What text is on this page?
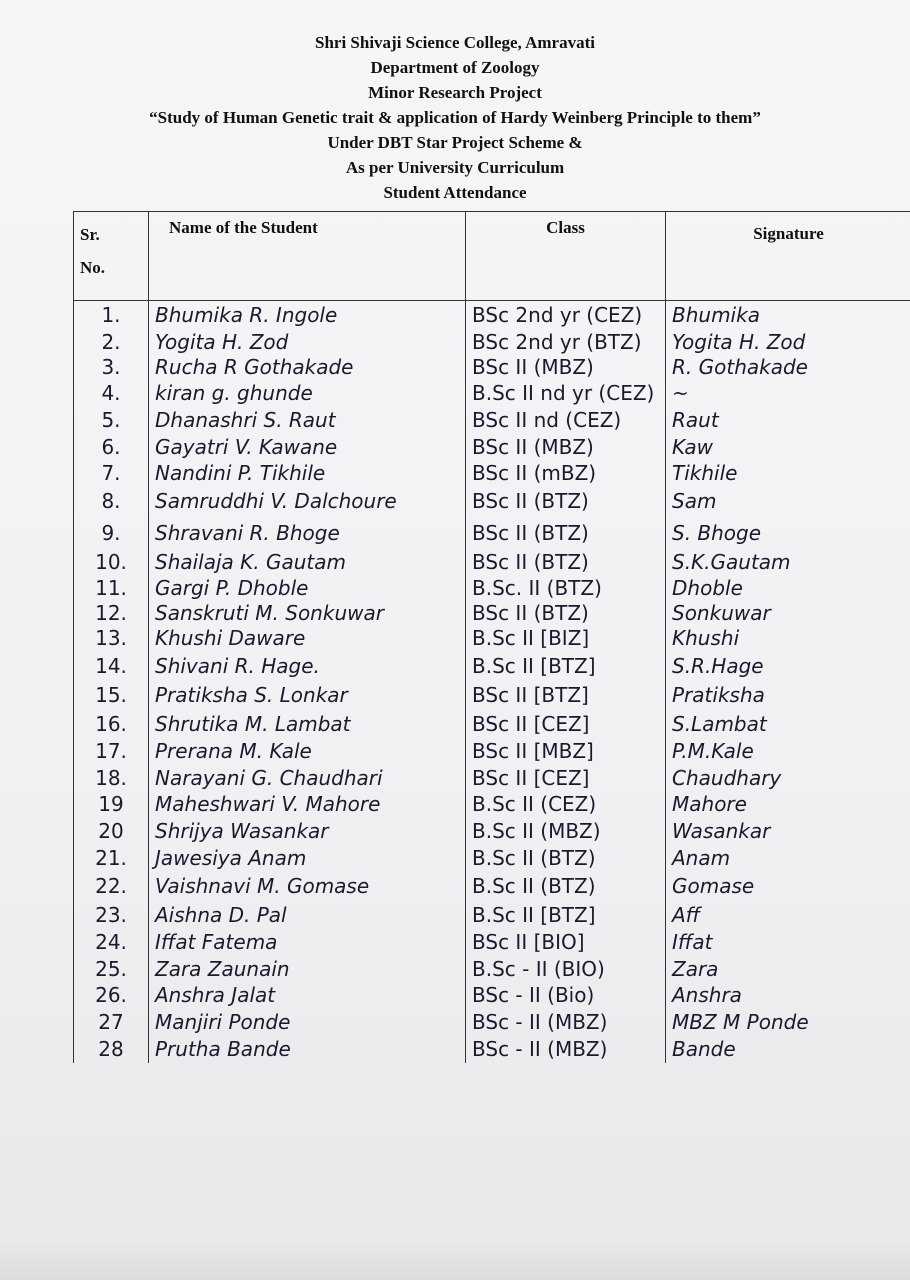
Shri Shivaji Science College, Amravati
Department of Zoology
Minor Research Project
“Study of Human Genetic trait & application of Hardy Weinberg Principle to them”
Under DBT Star Project Scheme &
As per University Curriculum
Student Attendance
Sr.
No.	Name of the Student	Class	Signature
1.	Bhumika R. Ingole	BSc 2nd yr (CEZ)	Bhumika
2.	Yogita H. Zod	BSc 2nd yr (BTZ)	Yogita H. Zod
3.	Rucha R Gothakade	BSc II (MBZ)	R. Gothakade
4.	kiran g. ghunde	B.Sc II nd yr (CEZ)	~
5.	Dhanashri S. Raut	BSc II nd (CEZ)	Raut
6.	Gayatri V. Kawane	BSc II (MBZ)	Kaw
7.	Nandini P. Tikhile	BSc II (mBZ)	Tikhile
8.	Samruddhi V. Dalchoure	BSc II (BTZ)	Sam
9.	Shravani R. Bhoge	BSc II (BTZ)	S. Bhoge
10.	Shailaja K. Gautam	BSc II (BTZ)	S.K.Gautam
11.	Gargi P. Dhoble	B.Sc. II (BTZ)	Dhoble
12.	Sanskruti M. Sonkuwar	BSc II (BTZ)	Sonkuwar
13.	Khushi Daware	B.Sc II [BIZ]	Khushi
14.	Shivani R. Hage.	B.Sc II [BTZ]	S.R.Hage
15.	Pratiksha S. Lonkar	BSc II [BTZ]	Pratiksha
16.	Shrutika M. Lambat	BSc II [CEZ]	S.Lambat
17.	Prerana M. Kale	BSc II [MBZ]	P.M.Kale
18.	Narayani G. Chaudhari	BSc II [CEZ]	Chaudhary
19	Maheshwari V. Mahore	B.Sc II (CEZ)	Mahore
20	Shrijya Wasankar	B.Sc II (MBZ)	Wasankar
21.	Jawesiya Anam	B.Sc II (BTZ)	Anam
22.	Vaishnavi M. Gomase	B.Sc II (BTZ)	Gomase
23.	Aishna D. Pal	B.Sc II [BTZ]	Aff
24.	Iffat Fatema	BSc II [BIO]	Iffat
25.	Zara Zaunain	B.Sc - II (BIO)	Zara
26.	Anshra Jalat	BSc - II (Bio)	Anshra
27	Manjiri Ponde	BSc - II (MBZ)	MBZ M Ponde
28	Prutha Bande	BSc - II (MBZ)	Bande
